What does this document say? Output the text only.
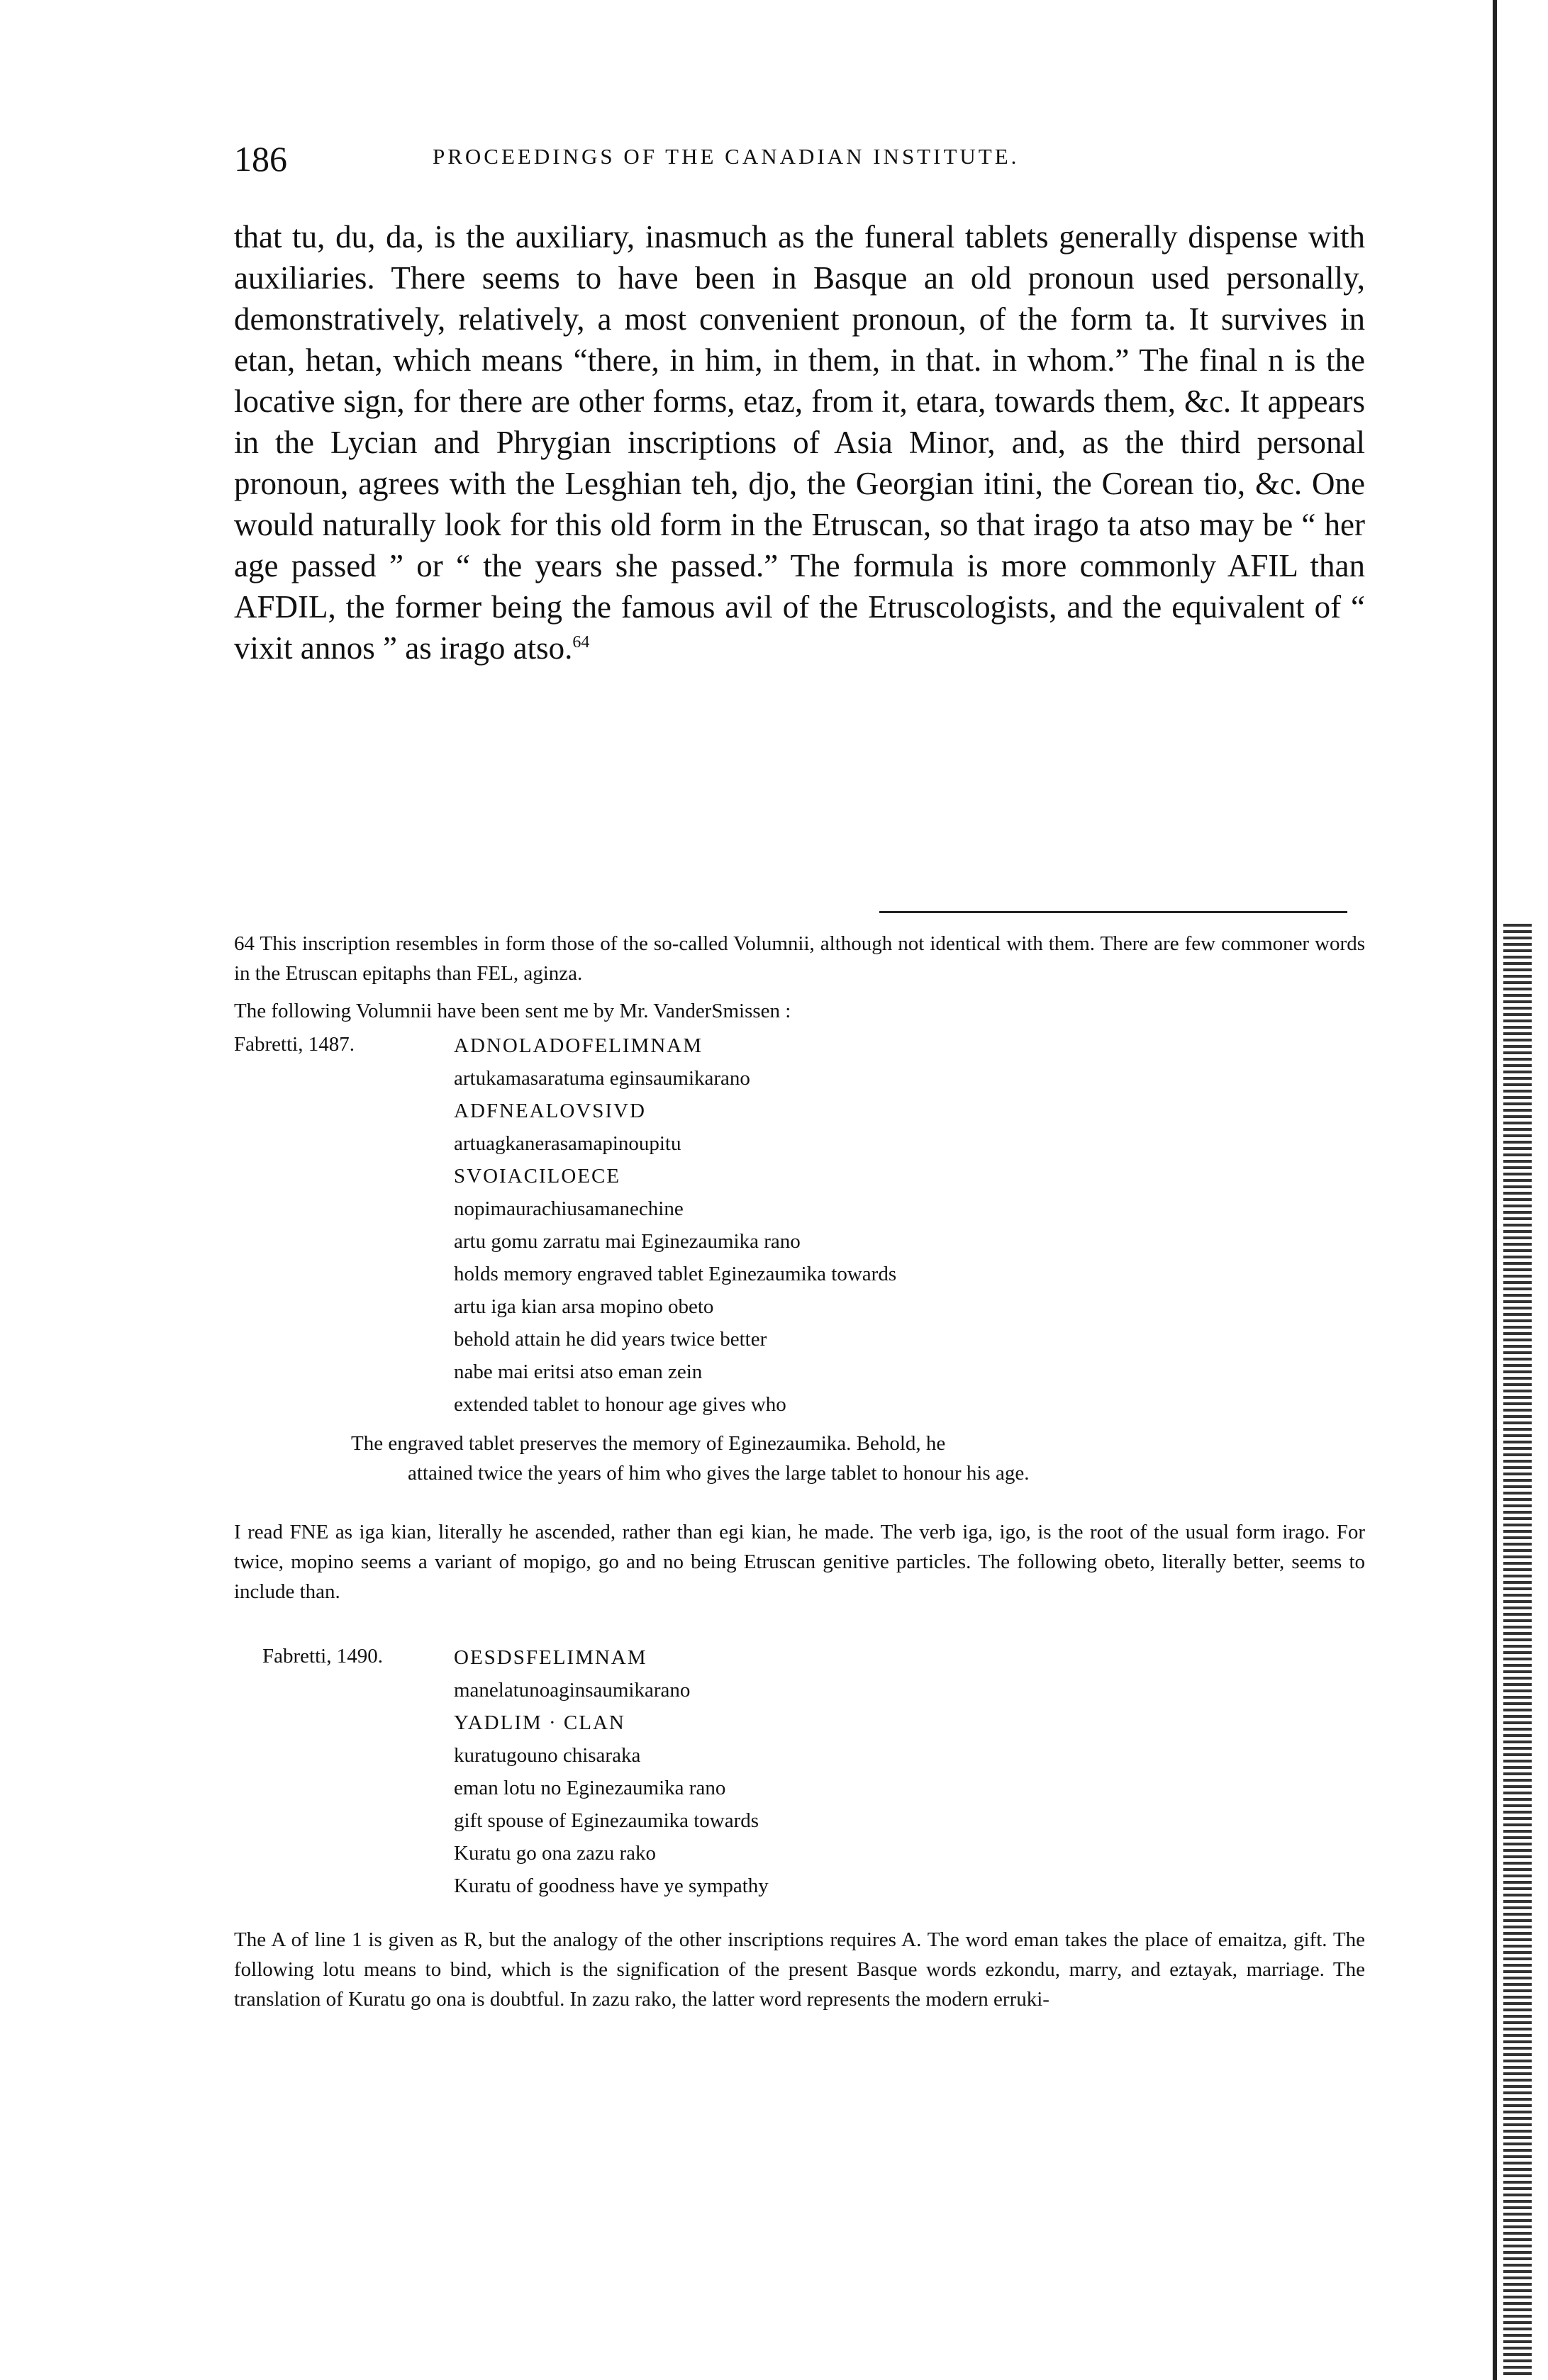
186	PROCEEDINGS OF THE CANADIAN INSTITUTE.

that tu, du, da, is the auxiliary, inasmuch as the funeral tablets generally dispense with auxiliaries. There seems to have been in Basque an old pronoun used personally, demonstratively, relatively, a most convenient pronoun, of the form ta. It survives in etan, hetan, which means “there, in him, in them, in that. in whom.” The final n is the locative sign, for there are other forms, etaz, from it, etara, towards them, &c. It appears in the Lycian and Phrygian inscriptions of Asia Minor, and, as the third personal pronoun, agrees with the Lesghian teh, djo, the Georgian itini, the Corean tio, &c. One would naturally look for this old form in the Etruscan, so that irago ta atso may be “ her age passed ” or “ the years she passed.” The formula is more commonly AFIL than AFDIL, the former being the famous avil of the Etruscologists, and the equivalent of “ vixit annos ” as irago atso.$^{64}$

64 This inscription resembles in form those of the so-called Volumnii, although not identical with them. There are few commoner words in the Etruscan epitaphs than FEL, aginza.
The following Volumnii have been sent me by Mr. VanderSmissen :
Fabretti, 1487.	ADNOLADOFELIMNAM
artukamasaratuma eginsaumikarano
ADFNEALOVSIVD
artuagkanerasamapinoupitu
SVOIACILOECE
nopimaurachiusamanechine
artu gomu zarratu mai Eginezaumika rano
holds memory engraved tablet Eginezaumika towards
artu iga kian arsa mopino obeto
behold attain he did years twice better
nabe mai eritsi atso eman zein
extended tablet to honour age gives who
The engraved tablet preserves the memory of Eginezaumika. Behold, he
attained twice the years of him who gives the large tablet to honour his age.
I read FNE as iga kian, literally he ascended, rather than egi kian, he made. The verb iga, igo, is the root of the usual form irago. For twice, mopino seems a variant of mopigo, go and no being Etruscan genitive particles. The following obeto, literally better, seems to include than.
Fabretti, 1490.	OESDSFELIMNAM
manelatunoaginsaumikarano
YADLIM · CLAN
kuratugouno chisaraka
eman lotu no Eginezaumika rano
gift spouse of Eginezaumika towards
Kuratu go ona zazu rako
Kuratu of goodness have ye sympathy
The A of line 1 is given as R, but the analogy of the other inscriptions requires A. The word eman takes the place of emaitza, gift. The following lotu means to bind, which is the signification of the present Basque words ezkondu, marry, and eztayak, marriage. The translation of Kuratu go ona is doubtful. In zazu rako, the latter word represents the modern erruki-
